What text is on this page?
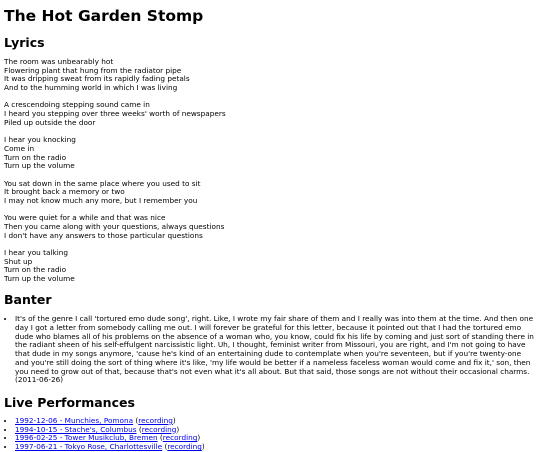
The Hot Garden Stomp
Lyrics
The room was unbearably hot
Flowering plant that hung from the radiator pipe
It was dripping sweat from its rapidly fading petals
And to the humming world in which I was living
A crescendoing stepping sound came in
I heard you stepping over three weeks' worth of newspapers
Piled up outside the door
I hear you knocking
Come in
Turn on the radio
Turn up the volume
You sat down in the same place where you used to sit
It brought back a memory or two
I may not know much any more, but I remember you
You were quiet for a while and that was nice
Then you came along with your questions, always questions
I don't have any answers to those particular questions
I hear you talking
Shut up
Turn on the radio
Turn up the volume
Banter
• It's of the genre I call 'tortured emo dude song', right. Like, I wrote my fair share of them and I really was into them at the time. And then one day I got a letter from somebody calling me out. I will forever be grateful for this letter, because it pointed out that I had the tortured emo dude who blames all of his problems on the absence of a woman who, you know, could fix his life by coming and just sort of standing there in the radiant sheen of his self-effulgent narcissistic light. Uh, I thought, feminist writer from Missouri, you are right, and I'm not going to have that dude in my songs anymore, 'cause he's kind of an entertaining dude to contemplate when you're seventeen, but if you're twenty-one and you're still doing the sort of thing where it's like, 'my life would be better if a nameless faceless woman would come and fix it,' son, then you need to grow out of that, because that's not even what it's all about. But that said, those songs are not without their occasional charms. (2011-06-26)
Live Performances
• 1992-12-06 - Munchies, Pomona (recording)
• 1994-10-15 - Stache's, Columbus (recording)
• 1996-02-25 - Tower Musikclub, Bremen (recording)
• 1997-06-21 - Tokyo Rose, Charlottesville (recording)
